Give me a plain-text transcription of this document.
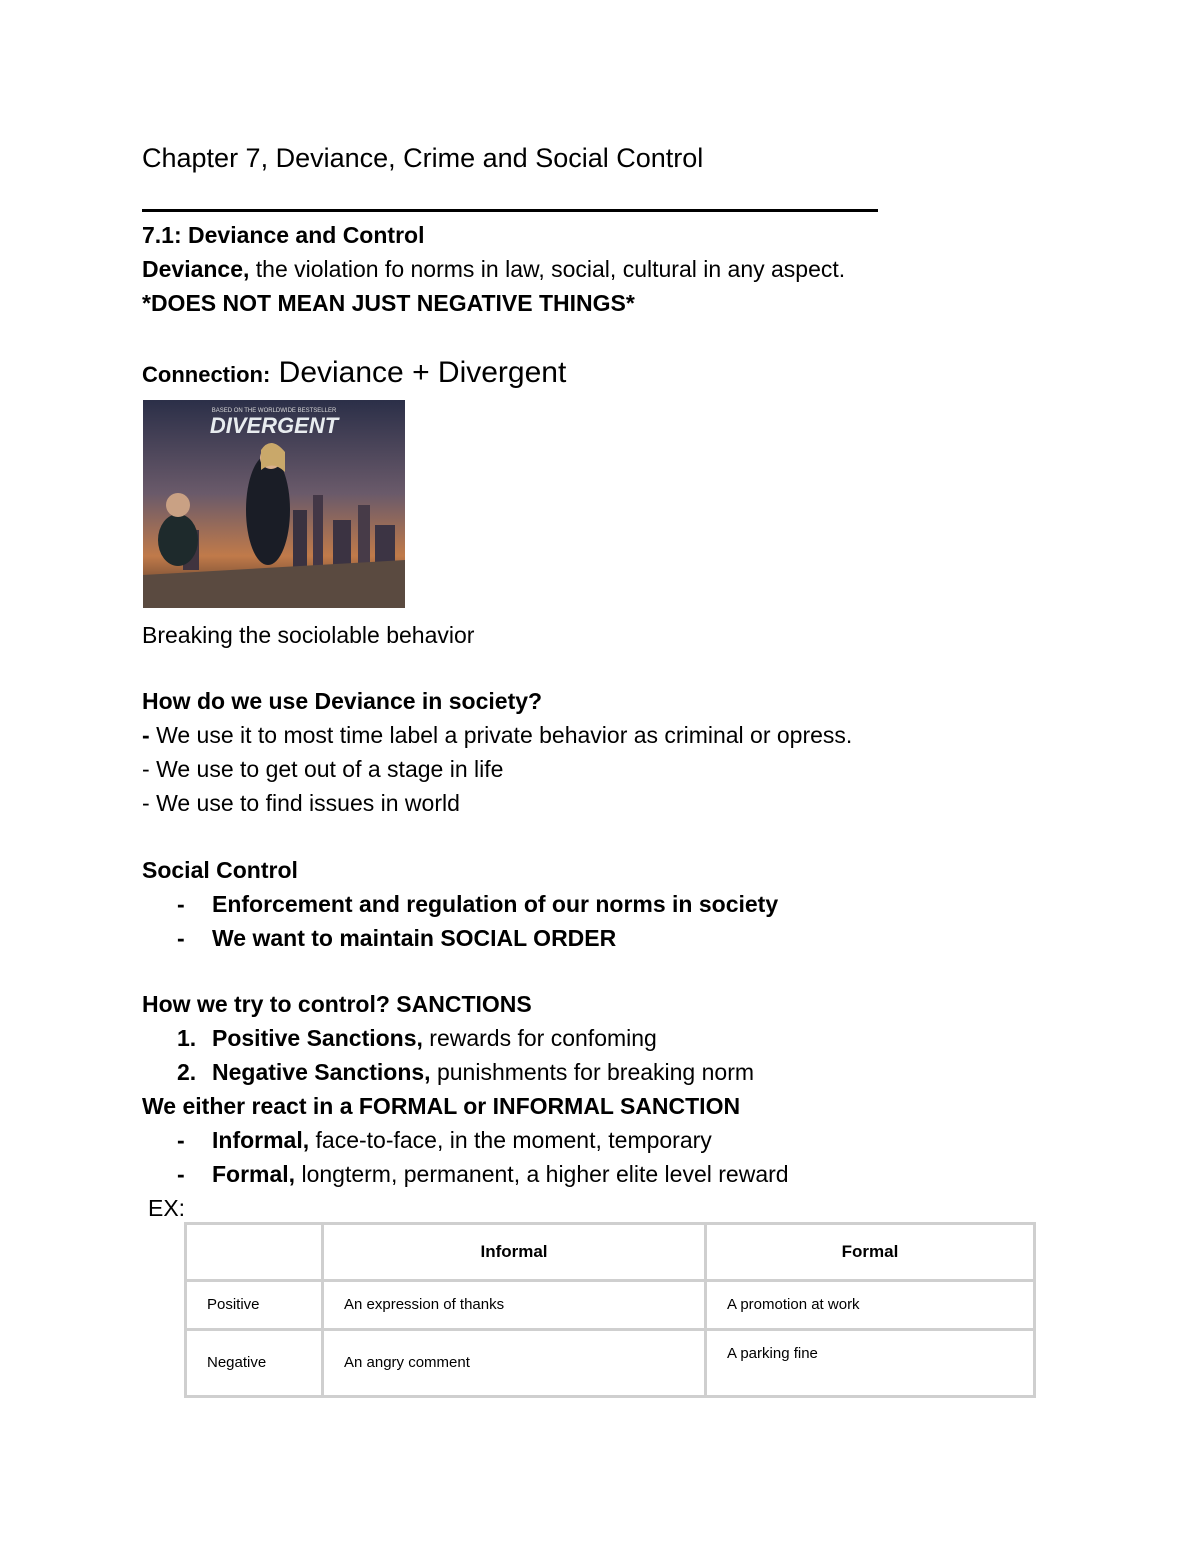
Chapter 7, Deviance, Crime and Social Control
7.1: Deviance and Control
Deviance, the violation fo norms in law, social, cultural in any aspect.
*DOES NOT MEAN JUST NEGATIVE THINGS*
Connection: Deviance + Divergent
BASED ON THE WORLDWIDE BESTSELLER
DIVERGENT
Breaking the sociolable behavior
How do we use Deviance in society?
- We use it to most time label a private behavior as criminal or opress.
- We use to get out of a stage in life
- We use to find issues in world
Social Control
- Enforcement and regulation of our norms in society
- We want to maintain SOCIAL ORDER
How we try to control? SANCTIONS
1. Positive Sanctions, rewards for confoming
2. Negative Sanctions, punishments for breaking norm
We either react in a FORMAL or INFORMAL SANCTION
- Informal, face-to-face, in the moment, temporary
- Formal, longterm, permanent, a higher elite level reward
EX:
	Informal	Formal
Positive	An expression of thanks	A promotion at work
Negative	An angry comment	A parking fine
